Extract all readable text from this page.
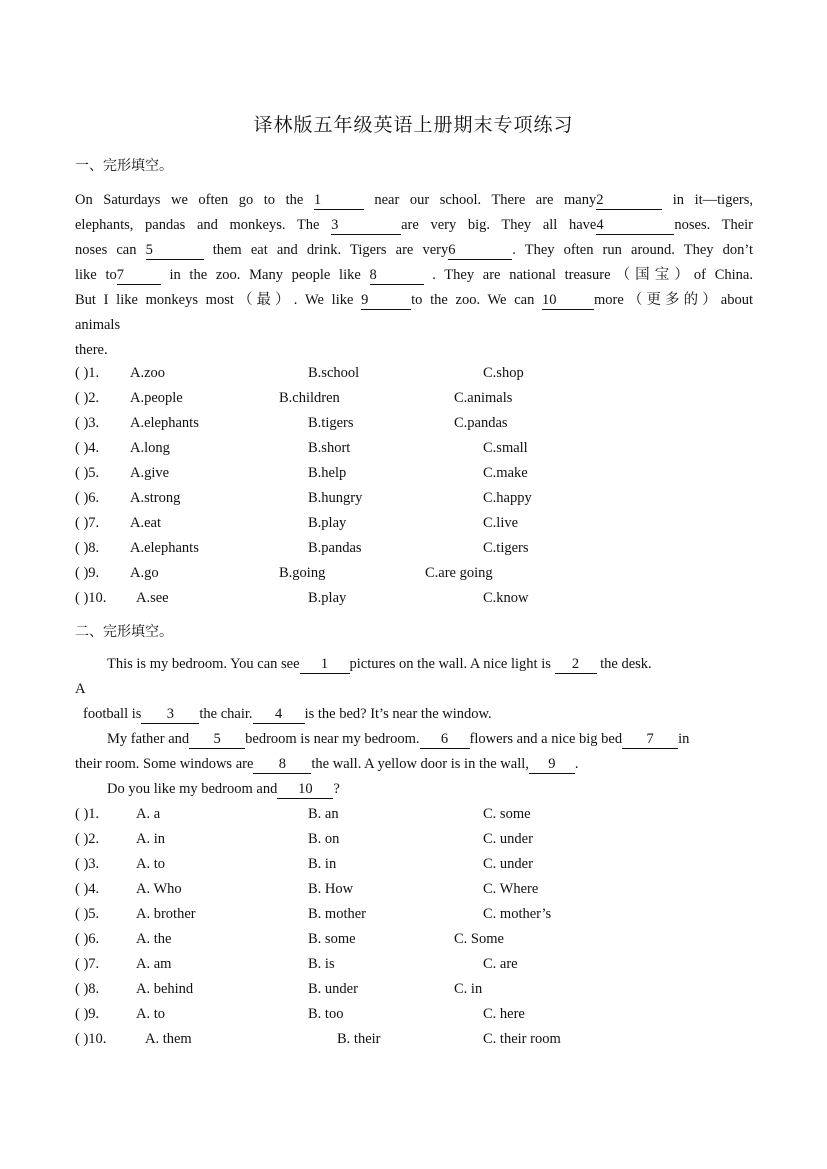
译林版五年级英语上册期末专项练习
一、完形填空。
On Saturdays we often go to the 1	near our school. There are many2	in it—tigers,
elephants, pandas and monkeys. The 3	are very big. They all have4	noses. Their
noses can 5	them eat and drink. Tigers are very6	. They often run around. They don’t
like to7	in the zoo. Many people like 8	. They are national treasure（国宝）of China.
But I like monkeys most（最）. We like 9	to the zoo. We can 10	more（更多的）about
animals
there.
( )1. A.zoo	B.school	C.shop
( )2. A.people	B.children	C.animals
( )3. A.elephants	B.tigers	C.pandas
( )4. A.long	B.short	C.small
( )5. A.give	B.help	C.make
( )6. A.strong	B.hungry	C.happy
( )7. A.eat	B.play	C.live
( )8. A.elephants	B.pandas	C.tigers
( )9. A.go	B.going	C.are going
( )10. A.see	B.play	C.know
二、完形填空。
This is my bedroom. You can see 1 pictures on the wall. A nice light is 2 the desk.
A
football is 3 the chair. 4 is the bed? It’s near the window.
My father and 5 bedroom is near my bedroom. 6 flowers and a nice big bed 7 in
their room. Some windows are 8 the wall. A yellow door is in the wall, 9 .
Do you like my bedroom and 10 ?
( )1.	A. a	B. an	C. some
( )2.	A. in	B. on	C. under
( )3.	A. to	B. in	C. under
( )4.	A. Who	B. How	C. Where
( )5.	A. brother	B. mother	C. mother’s
( )6.	A. the	B. some	C. Some
( )7.	A. am	B. is	C. are
( )8.	A. behind	B. under	C. in
( )9.	A. to	B. too	C. here
( )10.	A. them	B. their	C. their room
